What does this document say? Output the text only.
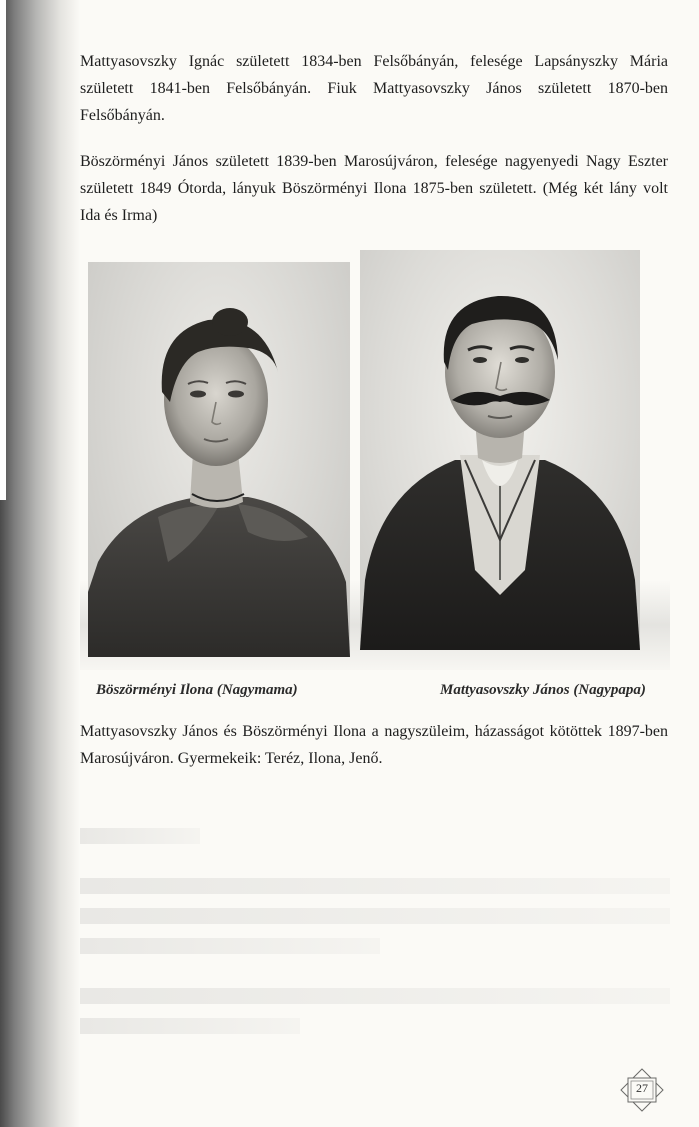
Mattyasovszky Ignác született 1834-ben Felsőbányán, felesége Lapsányszky Mária született 1841-ben Felsőbányán. Fiuk Mattyasovszky János született 1870-ben Felsőbányán.

Böszörményi János született 1839-ben Marosújváron, felesége nagyenyedi Nagy Eszter született 1849 Ótorda, lányuk Böszörményi Ilona 1875-ben született. (Még két lány volt Ida és Irma)

Böszörményi Ilona (Nagymama)	Mattyasovszky János (Nagypapa)

Mattyasovszky János és Böszörményi Ilona a nagyszüleim, házasságot kötöttek 1897-ben Marosújváron. Gyermekeik: Teréz, Ilona, Jenő.

27
